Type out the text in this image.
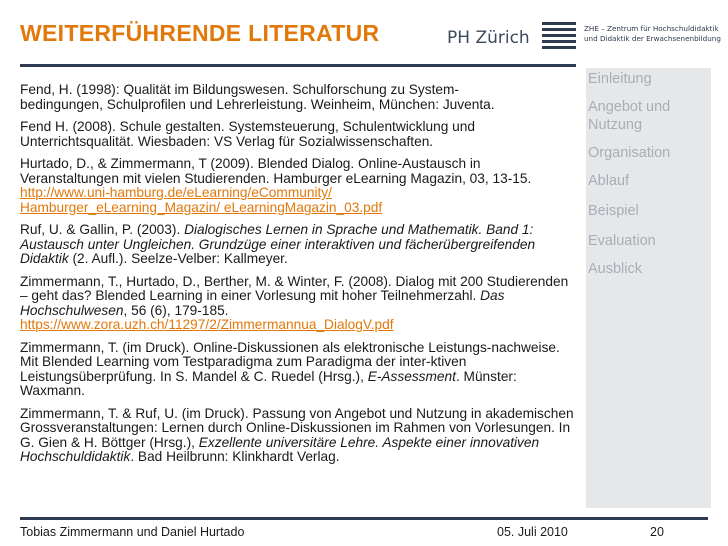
WEITERFÜHRENDE LITERATUR	PH Zürich	ZHE – Zentrum für Hochschuldidaktik
und Didaktik der Erwachsenenbildung
Fend, H. (1998): Qualität im Bildungswesen. Schulforschung zu System-
bedingungen, Schulprofilen und Lehrerleistung. Weinheim, München: Juventa.
Fend H. (2008). Schule gestalten. Systemsteuerung, Schulentwicklung und
Unterrichtsqualität. Wiesbaden: VS Verlag für Sozialwissenschaften.
Hurtado, D., & Zimmermann, T (2009). Blended Dialog. Online-Austausch in Veranstaltungen mit vielen Studierenden. Hamburger eLearning Magazin, 03, 13-15. http://www.uni-hamburg.de/eLearning/eCommunity/
Hamburger_eLearning_Magazin/ eLearningMagazin_03.pdf
Ruf, U. & Gallin, P. (2003). Dialogisches Lernen in Sprache und Mathematik. Band 1: Austausch unter Ungleichen. Grundzüge einer interaktiven und fächerübergreifenden Didaktik (2. Aufl.). Seelze-Velber: Kallmeyer.
Zimmermann, T., Hurtado, D., Berther, M. & Winter, F. (2008). Dialog mit 200 Studierenden – geht das? Blended Learning in einer Vorlesung mit hoher Teilnehmerzahl. Das Hochschulwesen, 56 (6), 179-185.
https://www.zora.uzh.ch/11297/2/Zimmermannua_DialogV.pdf
Zimmermann, T. (im Druck). Online-Diskussionen als elektronische Leistungs-nachweise. Mit Blended Learning vom Testparadigma zum Paradigma der inter-ktiven Leistungsüberprüfung. In S. Mandel & C. Ruedel (Hrsg.), E-Assessment. Münster: Waxmann.
Zimmermann, T. & Ruf, U. (im Druck). Passung von Angebot und Nutzung in akademischen Grossveranstaltungen: Lernen durch Online-Diskussionen im Rahmen von Vorlesungen. In G. Gien & H. Böttger (Hrsg.), Exzellente universitäre Lehre. Aspekte einer innovativen Hochschuldidaktik. Bad Heilbrunn: Klinkhardt Verlag.
Einleitung
Angebot und Nutzung
Organisation
Ablauf
Beispiel
Evaluation
Ausblick
Tobias Zimmermann und Daniel Hurtado	05. Juli 2010	20
